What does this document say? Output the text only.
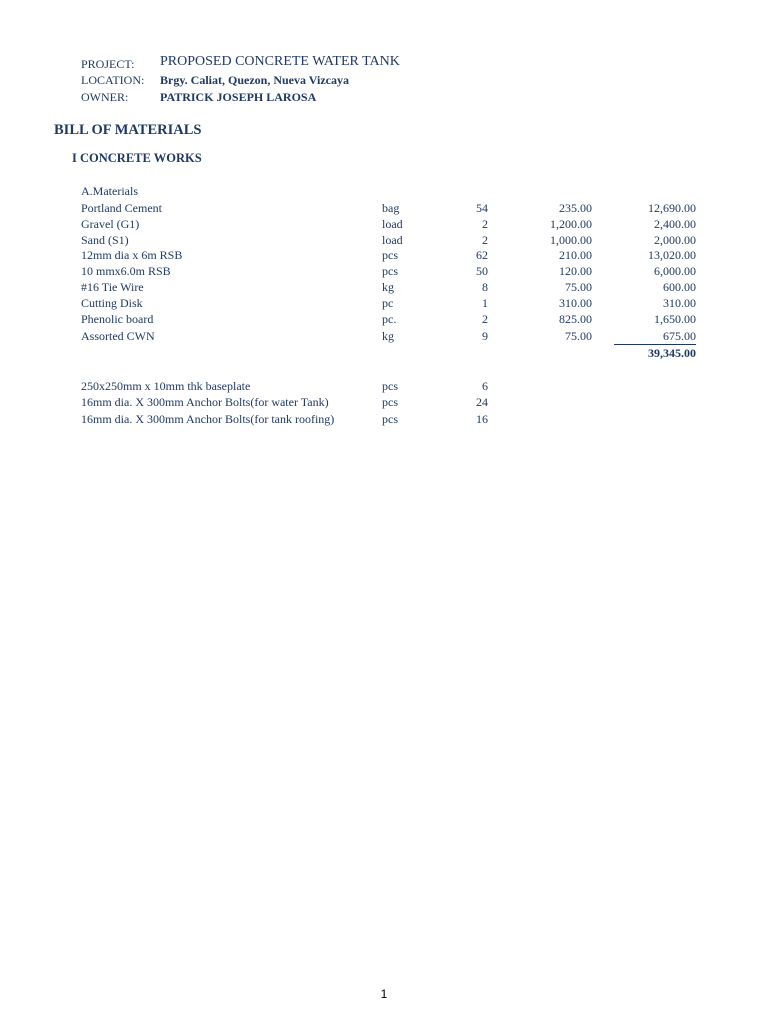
PROJECT:	PROPOSED CONCRETE WATER TANK
LOCATION:	Brgy. Caliat, Quezon, Nueva Vizcaya
OWNER:	PATRICK JOSEPH LAROSA
BILL OF MATERIALS
I CONCRETE WORKS
A.Materials
Portland Cement	bag	54	235.00	12,690.00
Gravel (G1)	load	2	1,200.00	2,400.00
Sand (S1)	load	2	1,000.00	2,000.00
12mm dia x 6m RSB	pcs	62	210.00	13,020.00
10 mmx6.0m RSB	pcs	50	120.00	6,000.00
#16 Tie Wire	kg	8	75.00	600.00
Cutting Disk	pc	1	310.00	310.00
Phenolic board	pc.	2	825.00	1,650.00
Assorted CWN	kg	9	75.00	675.00
39,345.00
250x250mm x 10mm thk baseplate	pcs	6
16mm dia. X 300mm Anchor Bolts(for water Tank)	pcs	24
16mm dia. X 300mm Anchor Bolts(for tank roofing)	pcs	16
1
